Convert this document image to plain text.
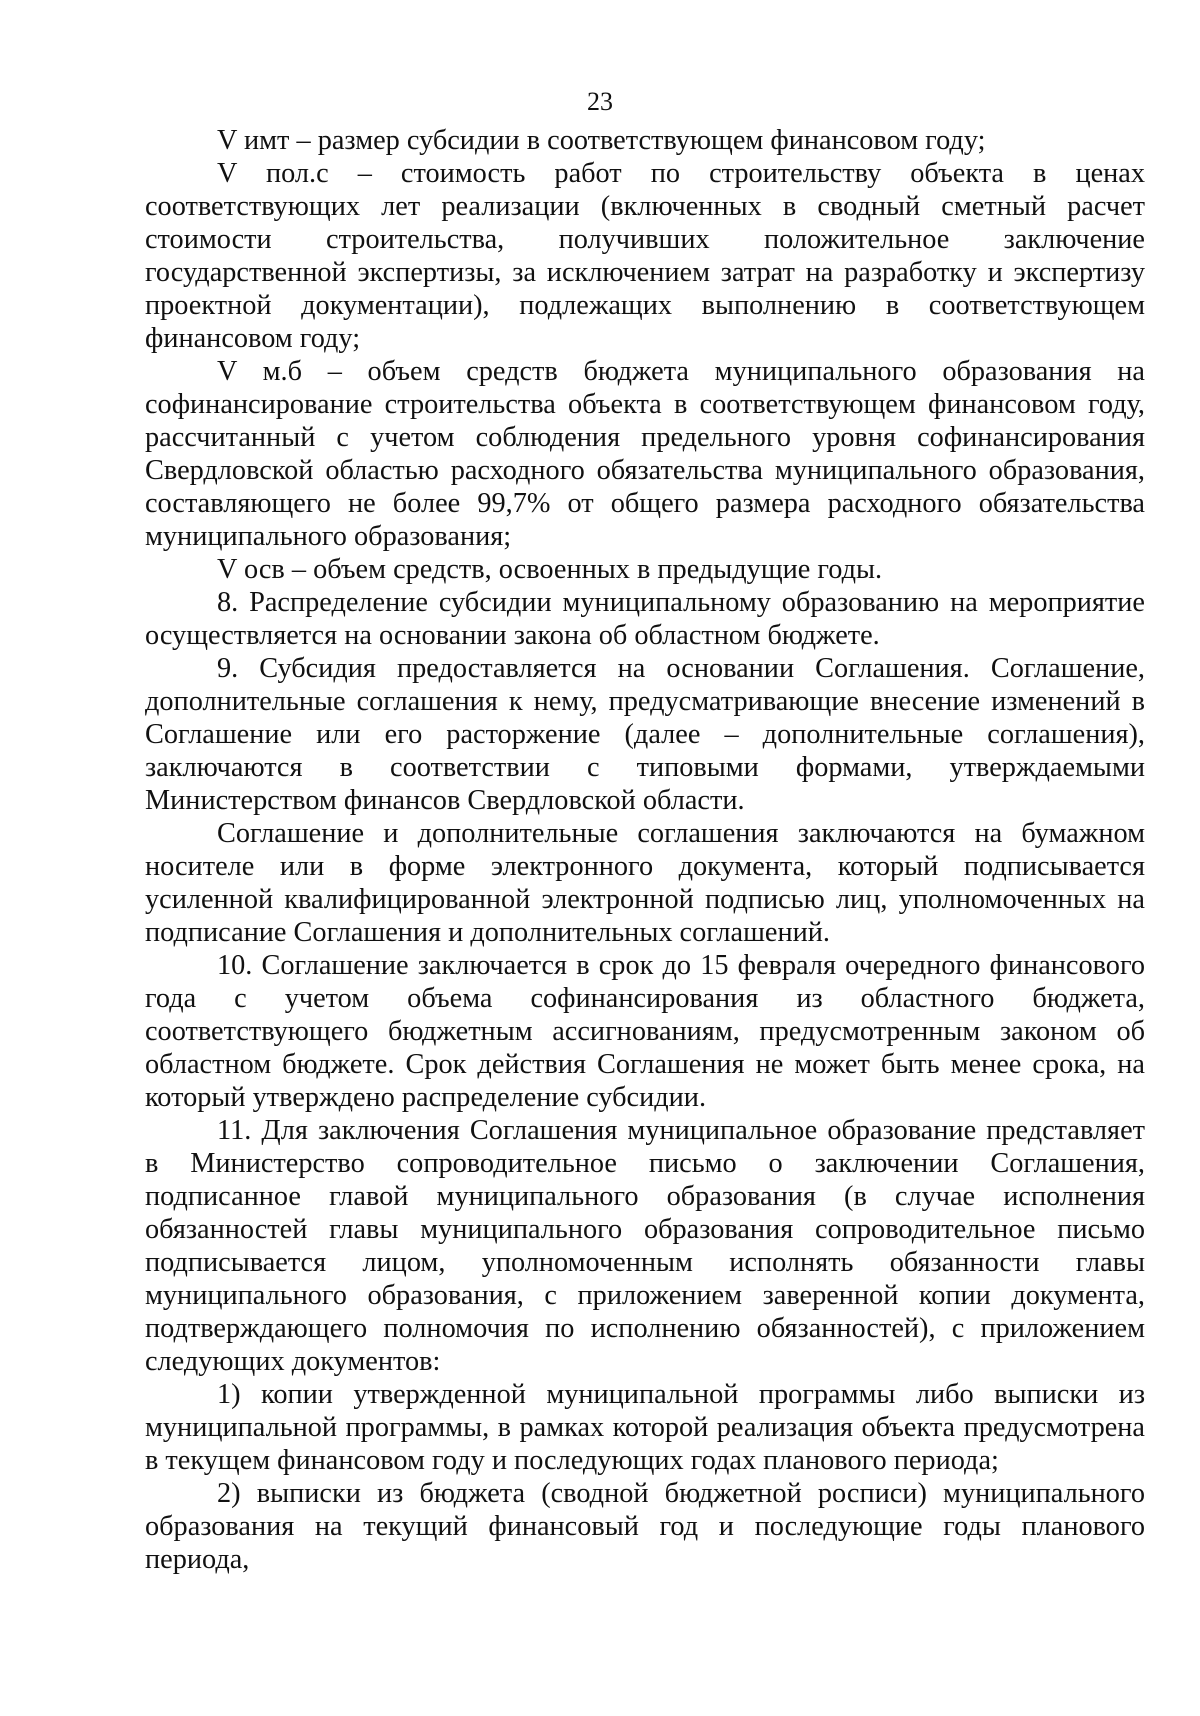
23

V имт – размер субсидии в соответствующем финансовом году;

V пол.с – стоимость работ по строительству объекта в ценах соответствующих лет реализации (включенных в сводный сметный расчет стоимости строительства, получивших положительное заключение государственной экспертизы, за исключением затрат на разработку и экспертизу проектной документации), подлежащих выполнению в соответствующем финансовом году;

V м.б – объем средств бюджета муниципального образования на софинансирование строительства объекта в соответствующем финансовом году, рассчитанный с учетом соблюдения предельного уровня софинансирования Свердловской областью расходного обязательства муниципального образования, составляющего не более 99,7% от общего размера расходного обязательства муниципального образования;

V осв – объем средств, освоенных в предыдущие годы.

8. Распределение субсидии муниципальному образованию на мероприятие осуществляется на основании закона об областном бюджете.

9. Субсидия предоставляется на основании Соглашения. Соглашение, дополнительные соглашения к нему, предусматривающие внесение изменений в Соглашение или его расторжение (далее – дополнительные соглашения), заключаются в соответствии с типовыми формами, утверждаемыми Министерством финансов Свердловской области.

Соглашение и дополнительные соглашения заключаются на бумажном носителе или в форме электронного документа, который подписывается усиленной квалифицированной электронной подписью лиц, уполномоченных на подписание Соглашения и дополнительных соглашений.

10. Соглашение заключается в срок до 15 февраля очередного финансового года с учетом объема софинансирования из областного бюджета, соответствующего бюджетным ассигнованиям, предусмотренным законом об областном бюджете. Срок действия Соглашения не может быть менее срока, на который утверждено распределение субсидии.

11. Для заключения Соглашения муниципальное образование представляет в Министерство сопроводительное письмо о заключении Соглашения, подписанное главой муниципального образования (в случае исполнения обязанностей главы муниципального образования сопроводительное письмо подписывается лицом, уполномоченным исполнять обязанности главы муниципального образования, с приложением заверенной копии документа, подтверждающего полномочия по исполнению обязанностей), с приложением следующих документов:

1) копии утвержденной муниципальной программы либо выписки из муниципальной программы, в рамках которой реализация объекта предусмотрена в текущем финансовом году и последующих годах планового периода;

2) выписки из бюджета (сводной бюджетной росписи) муниципального образования на текущий финансовый год и последующие годы планового периода,
